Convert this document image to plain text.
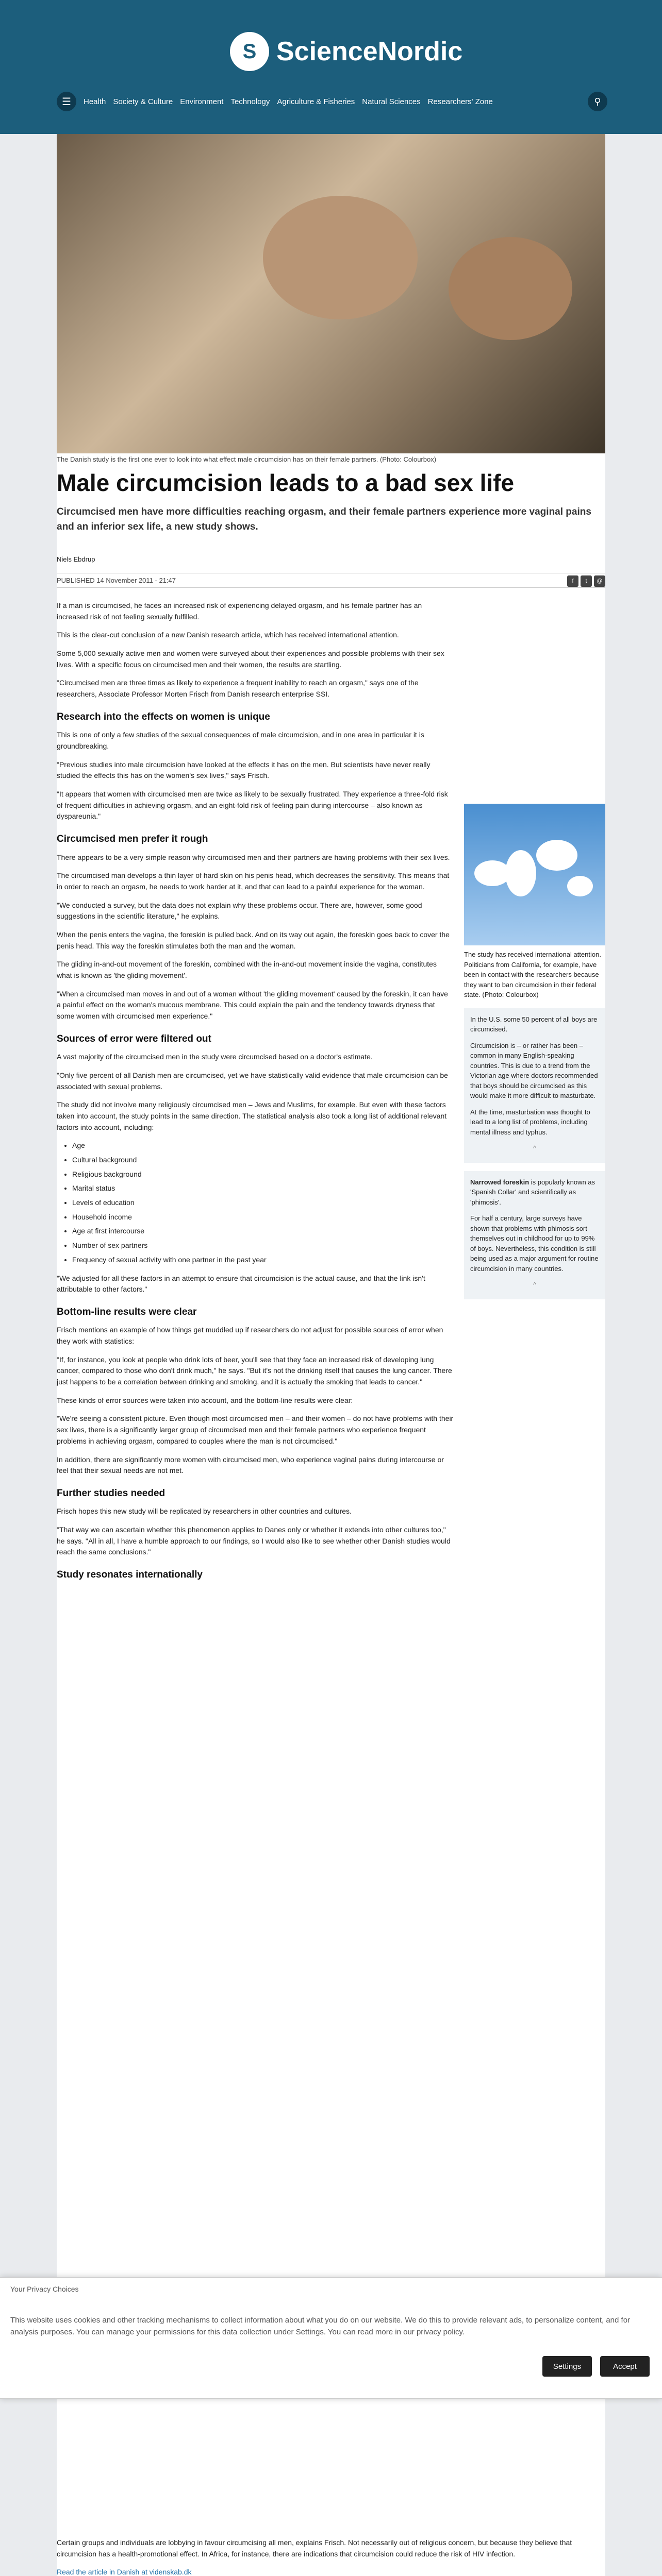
S ScienceNordic
☰	Health Society & Culture Environment Technology Agriculture & Fisheries Natural Sciences Researchers' Zone	⚲
The Danish study is the first one ever to look into what effect male circumcision has on their female partners. (Photo: Colourbox)
Male circumcision leads to a bad sex life
Circumcised men have more difficulties reaching orgasm, and their female partners experience more vaginal pains and an inferior sex life, a new study shows.
Niels Ebdrup
PUBLISHED 14 November 2011 - 21:47	f	t	@

If a man is circumcised, he faces an increased risk of experiencing delayed orgasm, and his female partner has an increased risk of not feeling sexually fulfilled.

This is the clear-cut conclusion of a new Danish research article, which has received international attention.

Some 5,000 sexually active men and women were surveyed about their experiences and possible problems with their sex lives. With a specific focus on circumcised men and their women, the results are startling.

"Circumcised men are three times as likely to experience a frequent inability to reach an orgasm," says one of the researchers, Associate Professor Morten Frisch from Danish research enterprise SSI.

Research into the effects on women is unique

This is one of only a few studies of the sexual consequences of male circumcision, and in one area in particular it is groundbreaking.

"Previous studies into male circumcision have looked at the effects it has on the men. But scientists have never really studied the effects this has on the women's sex lives," says Frisch.

"It appears that women with circumcised men are twice as likely to be sexually frustrated. They experience a three-fold risk of frequent difficulties in achieving orgasm, and an eight-fold risk of feeling pain during intercourse – also known as dyspareunia."

Circumcised men prefer it rough

There appears to be a very simple reason why circumcised men and their partners are having problems with their sex lives.

The circumcised man develops a thin layer of hard skin on his penis head, which decreases the sensitivity. This means that in order to reach an orgasm, he needs to work harder at it, and that can lead to a painful experience for the woman.

"We conducted a survey, but the data does not explain why these problems occur. There are, however, some good suggestions in the scientific literature," he explains.

When the penis enters the vagina, the foreskin is pulled back. And on its way out again, the foreskin goes back to cover the penis head. This way the foreskin stimulates both the man and the woman.

The gliding in-and-out movement of the foreskin, combined with the in-and-out movement inside the vagina, constitutes what is known as 'the gliding movement'.

"When a circumcised man moves in and out of a woman without 'the gliding movement' caused by the foreskin, it can have a painful effect on the woman's mucous membrane. This could explain the pain and the tendency towards dryness that some women with circumcised men experience."

Sources of error were filtered out

A vast majority of the circumcised men in the study were circumcised based on a doctor's estimate.

"Only five percent of all Danish men are circumcised, yet we have statistically valid evidence that male circumcision can be associated with sexual problems.

The study did not involve many religiously circumcised men – Jews and Muslims, for example. But even with these factors taken into account, the study points in the same direction. The statistical analysis also took a long list of additional relevant factors into account, including:

• Age
• Cultural background
• Religious background
• Marital status
• Levels of education
• Household income
• Age at first intercourse
• Number of sex partners
• Frequency of sexual activity with one partner in the past year

"We adjusted for all these factors in an attempt to ensure that circumcision is the actual cause, and that the link isn't attributable to other factors."

Bottom-line results were clear

Frisch mentions an example of how things get muddled up if researchers do not adjust for possible sources of error when they work with statistics:

"If, for instance, you look at people who drink lots of beer, you'll see that they face an increased risk of developing lung cancer, compared to those who don't drink much," he says. "But it's not the drinking itself that causes the lung cancer. There just happens to be a correlation between drinking and smoking, and it is actually the smoking that leads to cancer."

These kinds of error sources were taken into account, and the bottom-line results were clear:

"We're seeing a consistent picture. Even though most circumcised men – and their women – do not have problems with their sex lives, there is a significantly larger group of circumcised men and their female partners who experience frequent problems in achieving orgasm, compared to couples where the man is not circumcised."

In addition, there are significantly more women with circumcised men, who experience vaginal pains during intercourse or feel that their sexual needs are not met.

Further studies needed

Frisch hopes this new study will be replicated by researchers in other countries and cultures.

"That way we can ascertain whether this phenomenon applies to Danes only or whether it extends into other cultures too," he says. "All in all, I have a humble approach to our findings, so I would also like to see whether other Danish studies would reach the same conclusions."

Study resonates internationally

The study has received international attention. Politicians from California, for example, have been in contact with the researchers because they want to ban circumcision in their federal state. (Photo: Colourbox)

In the U.S. some 50 percent of all boys are circumcised.

Circumcision is – or rather has been – common in many English-speaking countries. This is due to a trend from the Victorian age where doctors recommended that boys should be circumcised as this would make it more difficult to masturbate.

At the time, masturbation was thought to lead to a long list of problems, including mental illness and typhus.

^

Narrowed foreskin is popularly known as 'Spanish Collar' and scientifically as 'phimosis'.

For half a century, large surveys have shown that problems with phimosis sort themselves out in childhood for up to 99% of boys. Nevertheless, this condition is still being used as a major argument for routine circumcision in many countries.

^

Certain groups and individuals are lobbying in favour circumcising all men, explains Frisch. Not necessarily out of religious concern, but because they believe that circumcision has a health-promotional effect. In Africa, for instance, there are indications that circumcision could reduce the risk of HIV infection.

Read the article in Danish at videnskab.dk

Your Privacy Choices
This website uses cookies and other tracking mechanisms to collect information about what you do on our website. We do this to provide relevant ads, to personalize content, and for analysis purposes. You can manage your permissions for this data collection under Settings. You can read more in our privacy policy.
Settings	Accept
